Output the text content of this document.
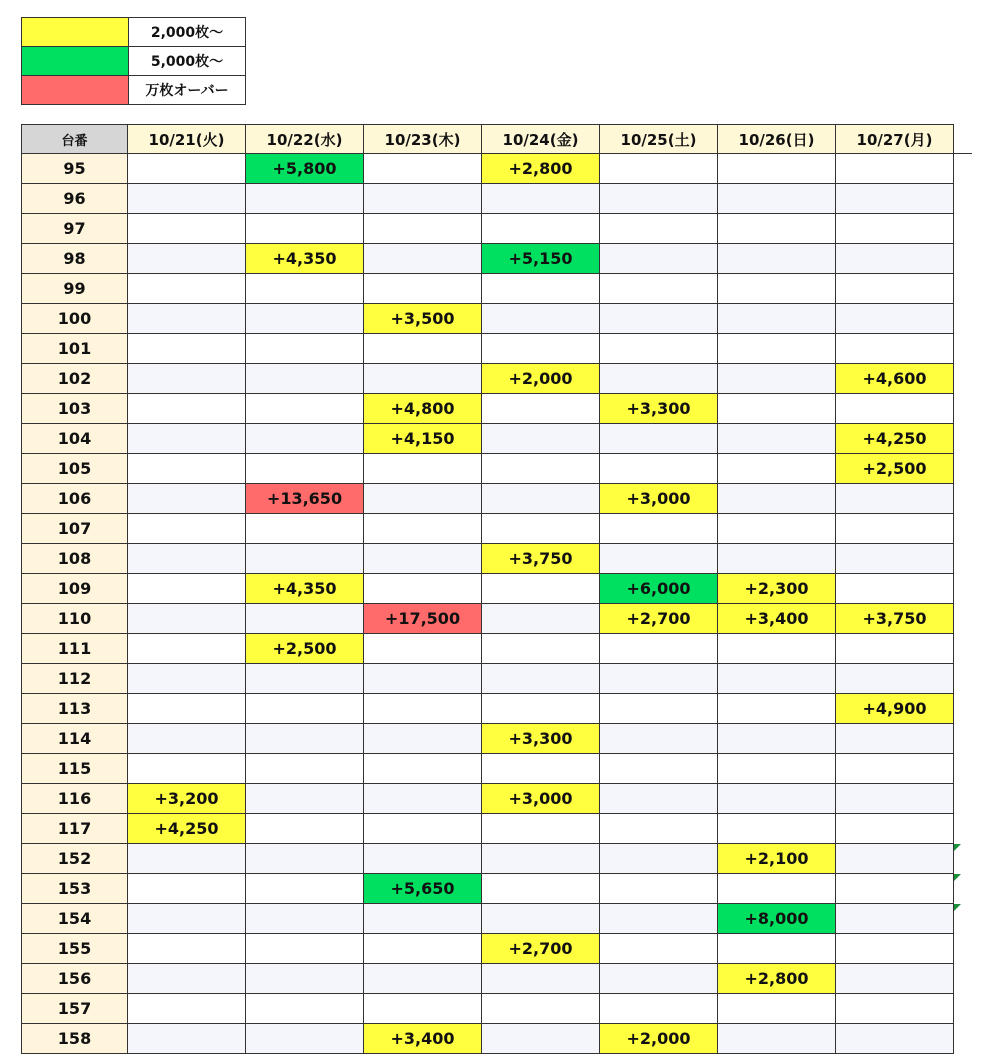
	2,000枚〜
	5,000枚〜
	万枚オーバー
台番	10/21(火)	10/22(水)	10/23(木)	10/24(金)	10/25(土)	10/26(日)	10/27(月)	
95		+5,800		+2,800				
96								
97								
98		+4,350		+5,150				
99								
100			+3,500					
101								
102				+2,000			+4,600	
103			+4,800		+3,300			
104			+4,150				+4,250	
105							+2,500	
106		+13,650			+3,000			
107								
108				+3,750				
109		+4,350			+6,000	+2,300		
110			+17,500		+2,700	+3,400	+3,750	
111		+2,500						
112								
113							+4,900	
114				+3,300				
115								
116	+3,200			+3,000				
117	+4,250							
152						+2,100		
153			+5,650					
154						+8,000		
155				+2,700				
156						+2,800		
157								
158			+3,400		+2,000			
